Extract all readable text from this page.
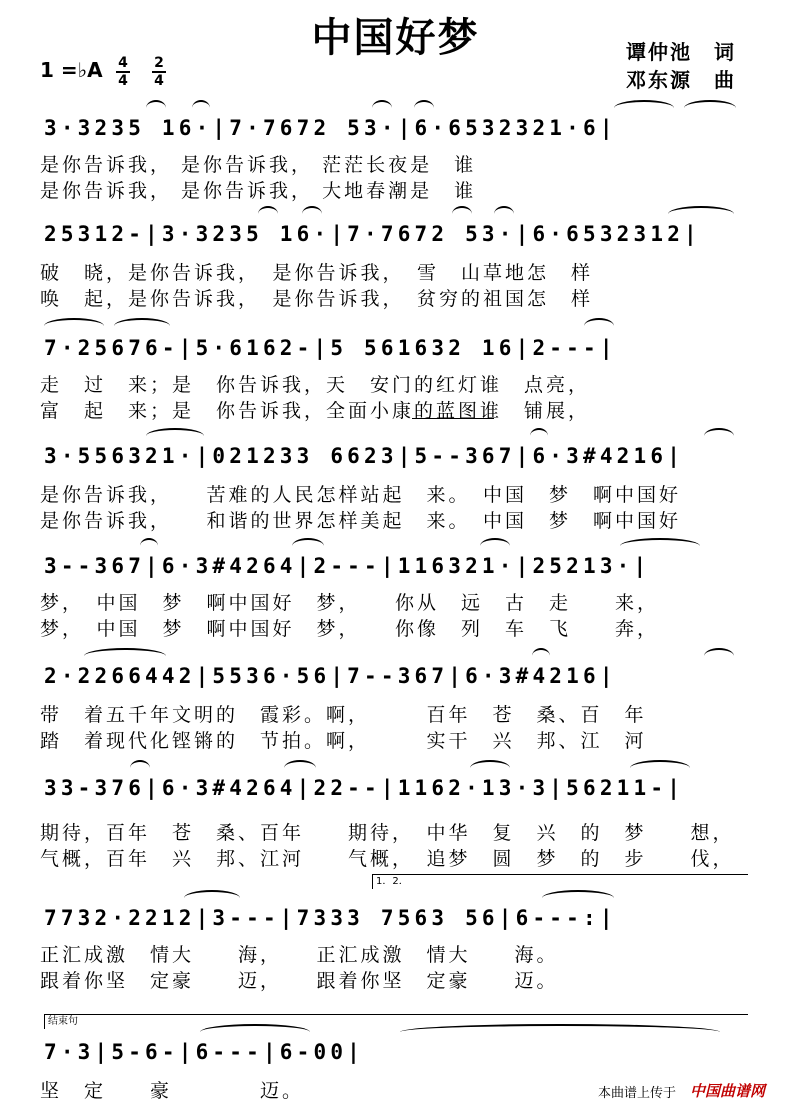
中国好梦	谭仲池　词
邓东源　曲
1 =♭A 4
4
2
4
3·3235 16·|7·7672 53·|6·6532321·6|
是你告诉我， 是你告诉我， 茫茫长夜是　谁
是你告诉我， 是你告诉我， 大地春潮是　谁
25312-|3·3235 16·|7·7672 53·|6·6532312|
破　晓，是你告诉我，　是你告诉我，　雪　山草地怎　样
唤　起，是你告诉我，　是你告诉我，　贫穷的祖国怎　样
7·25676-|5·6162-|5 561632 16|2---|
走　过　来；是　你告诉我，天　安门的红灯谁　点亮，
富　起　来；是　你告诉我，全面小康的蓝图谁　铺展，
3·556321·|021233 6623|5--367|6·3#4216|
是你告诉我，　　苦难的人民怎样站起　来。　中国　梦　啊中国好
是你告诉我，　　和谐的世界怎样美起　来。　中国　梦　啊中国好
3--367|6·3#4264|2---|116321·|25213·|
梦，　中国　梦　啊中国好　梦，　　你从　远　古　走　　来，
梦，　中国　梦　啊中国好　梦，　　你像　列　车　飞　　奔，
2·2266442|5536·56|7--367|6·3#4216|
带　着五千年文明的　霞彩。啊，　　　百年　苍　桑、百　年
踏　着现代化铿锵的　节拍。啊，　　　实干　兴　邦、江　河
33-376|6·3#4264|22--|1162·13·3|56211-|
期待，百年　苍　桑、百年　　期待，　中华　复　兴　的　梦　　想，
气概，百年　兴　邦、江河　　气概，　追梦　圆　梦　的　步　　伐，
1．2．
7732·2212|3---|7333 7563 56|6---:|
正汇成激　情大　　海，　　正汇成激　情大　　海。
跟着你坚　定豪　　迈，　　跟着你坚　定豪　　迈。
结束句
7·3|5-6-|6---|6-00|
坚　定　　豪　　　　迈。	本曲谱上传于 中国曲谱网
